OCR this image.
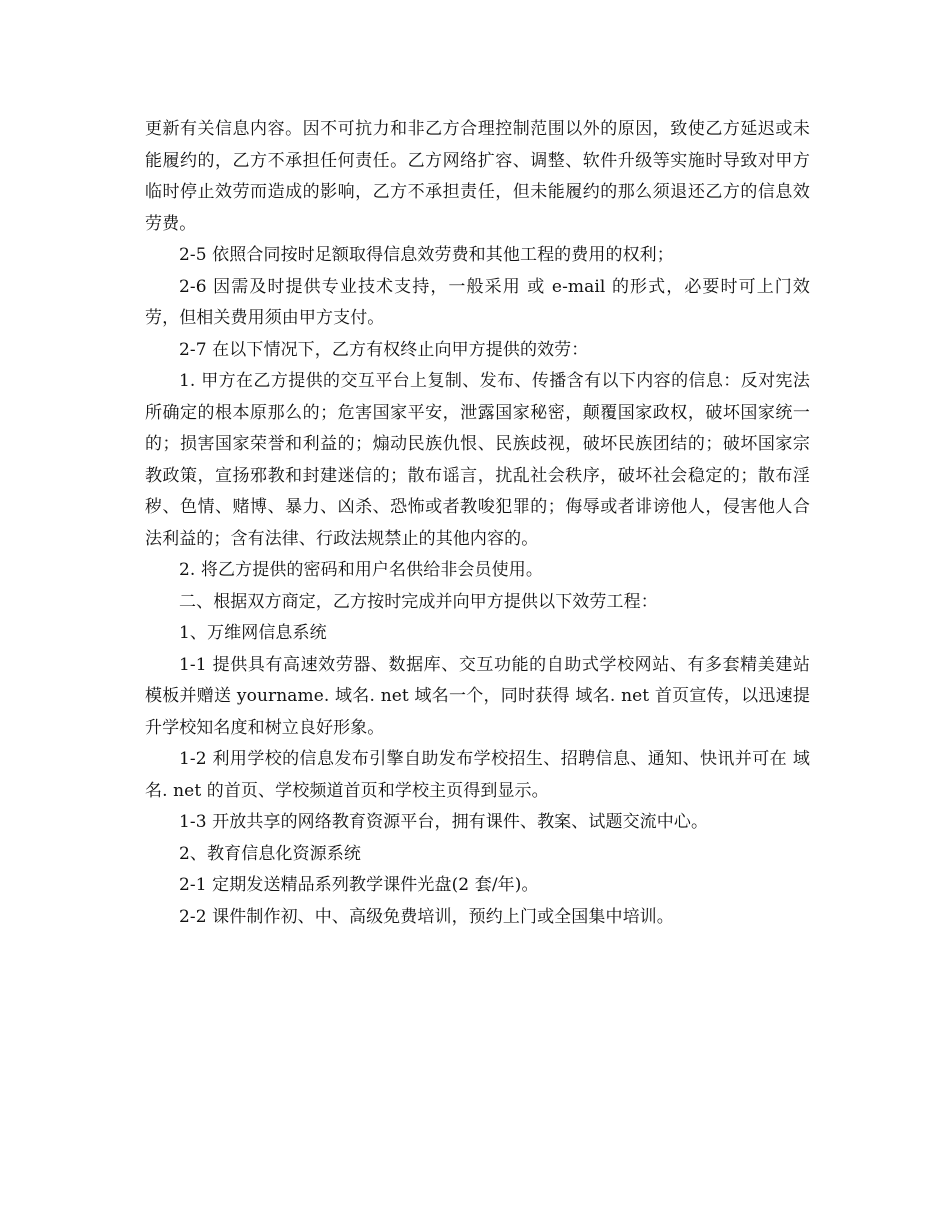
更新有关信息内容。因不可抗力和非乙方合理控制范围以外的原因，致使乙方延迟或未能履约的，乙方不承担任何责任。乙方网络扩容、调整、软件升级等实施时导致对甲方临时停止效劳而造成的影响，乙方不承担责任，但未能履约的那么须退还乙方的信息效劳费。

2-5 依照合同按时足额取得信息效劳费和其他工程的费用的权利；

2-6 因需及时提供专业技术支持，一般采用 或 e-mail 的形式，必要时可上门效劳，但相关费用须由甲方支付。

2-7 在以下情况下，乙方有权终止向甲方提供的效劳：

1. 甲方在乙方提供的交互平台上复制、发布、传播含有以下内容的信息：反对宪法所确定的根本原那么的；危害国家平安，泄露国家秘密，颠覆国家政权，破坏国家统一的；损害国家荣誉和利益的；煽动民族仇恨、民族歧视，破坏民族团结的；破坏国家宗教政策，宣扬邪教和封建迷信的；散布谣言，扰乱社会秩序，破坏社会稳定的；散布淫秽、色情、赌博、暴力、凶杀、恐怖或者教唆犯罪的；侮辱或者诽谤他人，侵害他人合法利益的；含有法律、行政法规禁止的其他内容的。

2. 将乙方提供的密码和用户名供给非会员使用。

二、根据双方商定，乙方按时完成并向甲方提供以下效劳工程：

1、万维网信息系统

1-1 提供具有高速效劳器、数据库、交互功能的自助式学校网站、有多套精美建站模板并赠送 yourname. 域名. net 域名一个，同时获得 域名. net 首页宣传，以迅速提升学校知名度和树立良好形象。

1-2 利用学校的信息发布引擎自助发布学校招生、招聘信息、通知、快讯并可在 域名. net 的首页、学校频道首页和学校主页得到显示。

1-3 开放共享的网络教育资源平台，拥有课件、教案、试题交流中心。

2、教育信息化资源系统

2-1 定期发送精品系列教学课件光盘(2 套/年)。

2-2 课件制作初、中、高级免费培训，预约上门或全国集中培训。
